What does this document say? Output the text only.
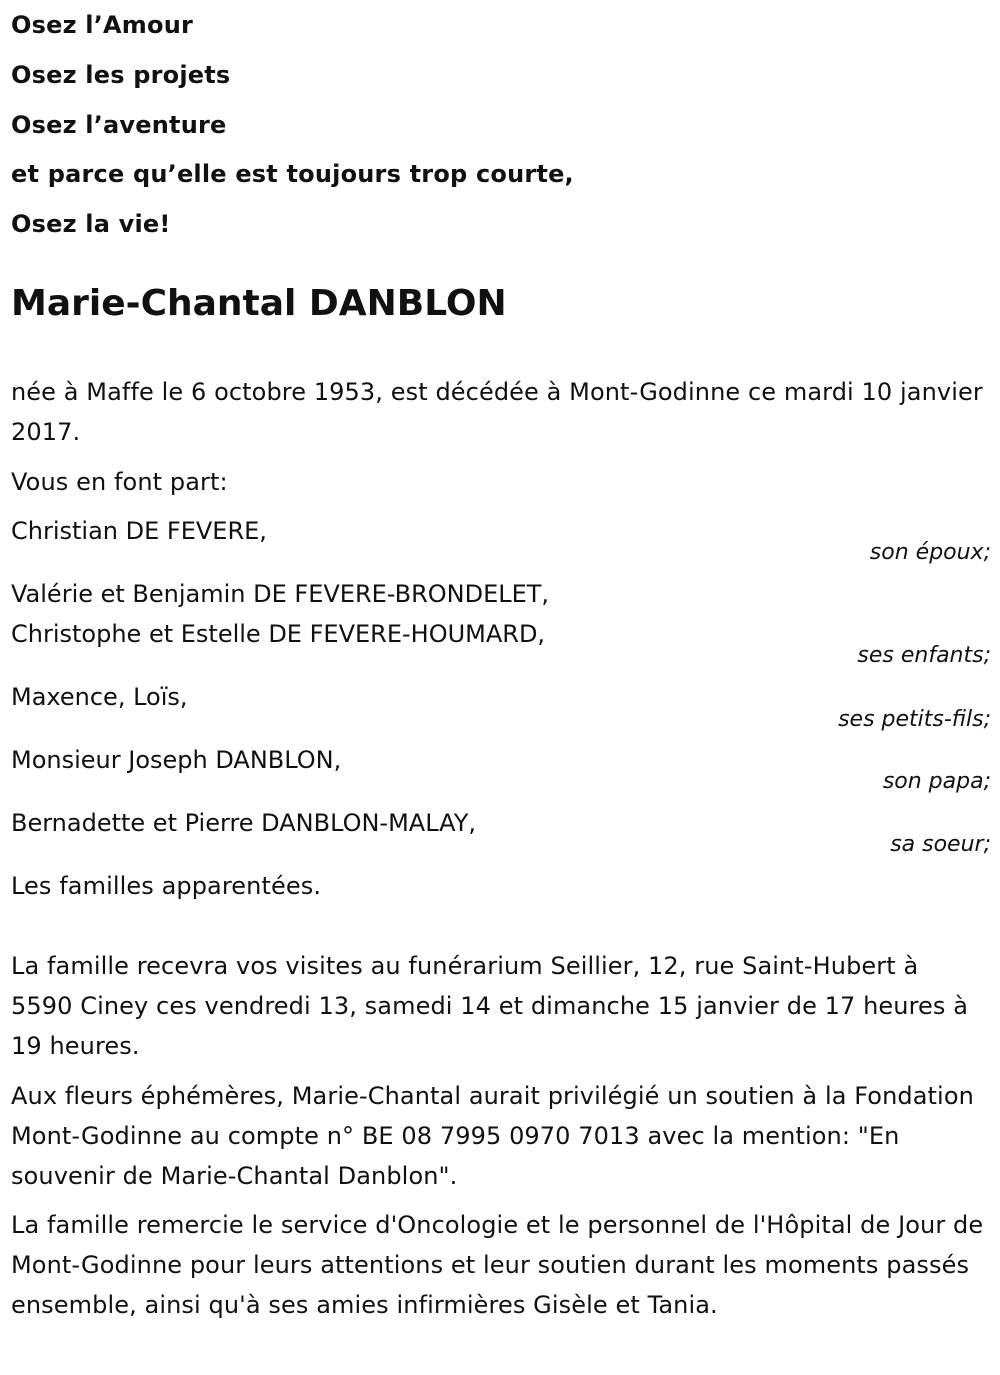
Osez l’Amour
Osez les projets
Osez l’aventure
et parce qu’elle est toujours trop courte,
Osez la vie!
Marie-Chantal DANBLON
née à Maffe le 6 octobre 1953, est décédée à Mont-Godinne ce mardi 10 janvier 2017.
Vous en font part:
Christian DE FEVERE,
son époux;
Valérie et Benjamin DE FEVERE-BRONDELET,
Christophe et Estelle DE FEVERE-HOUMARD,
ses enfants;
Maxence, Loïs,
ses petits-fils;
Monsieur Joseph DANBLON,
son papa;
Bernadette et Pierre DANBLON-MALAY,
sa soeur;
Les familles apparentées.
La famille recevra vos visites au funérarium Seillier, 12, rue Saint-Hubert à 5590 Ciney ces vendredi 13, samedi 14 et dimanche 15 janvier de 17 heures à 19 heures.
Aux fleurs éphémères, Marie-Chantal aurait privilégié un soutien à la Fondation Mont-Godinne au compte n° BE 08 7995 0970 7013 avec la mention: "En souvenir de Marie-Chantal Danblon".
La famille remercie le service d'Oncologie et le personnel de l'Hôpital de Jour de Mont-Godinne pour leurs attentions et leur soutien durant les moments passés ensemble, ainsi qu'à ses amies infirmières Gisèle et Tania.
